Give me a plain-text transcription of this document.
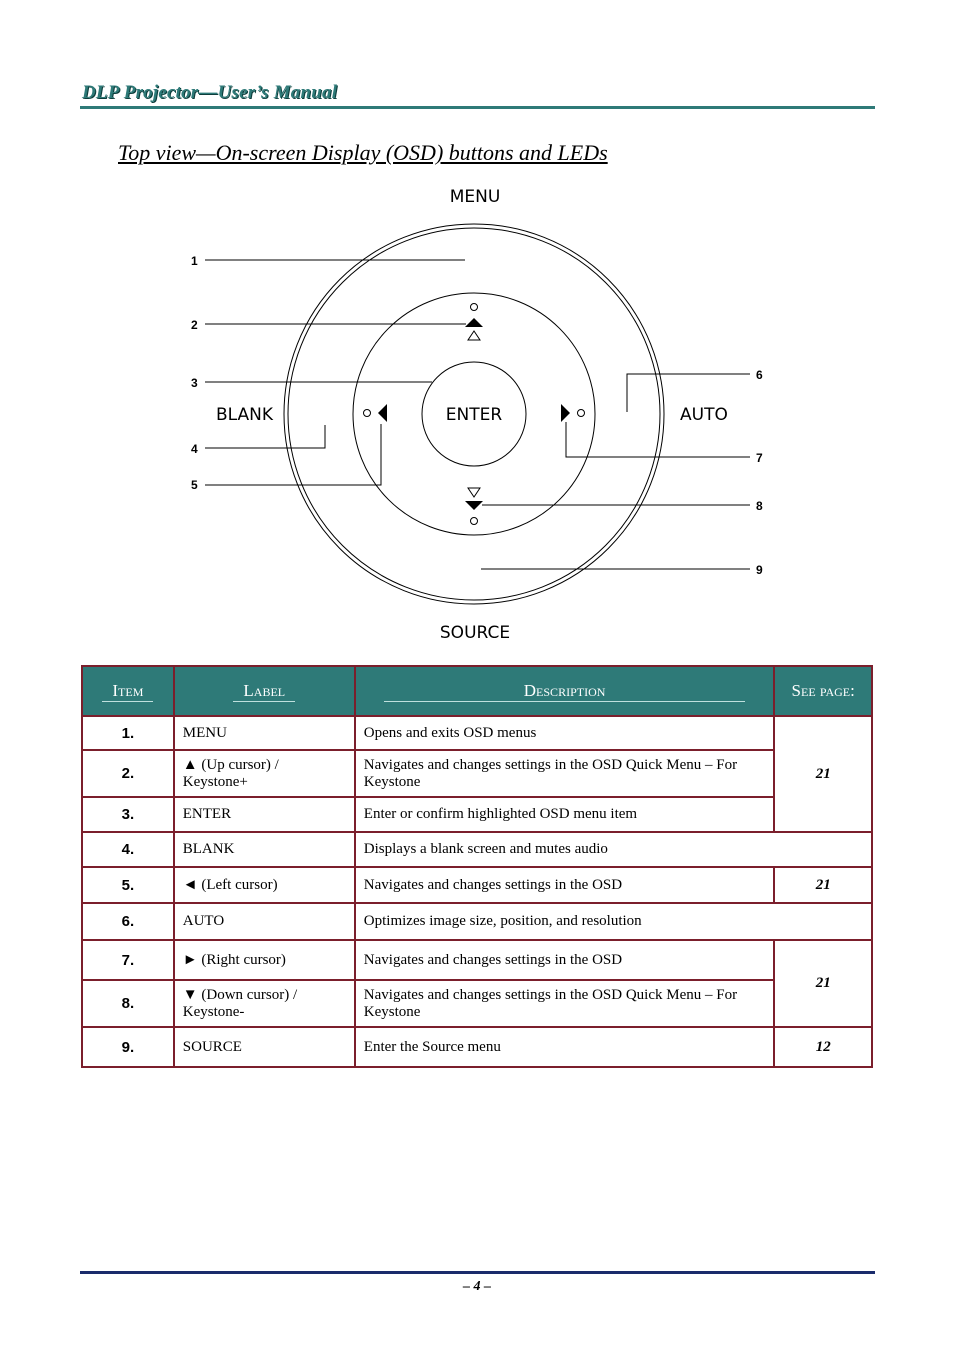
DLP Projector—User’s Manual
Top view—On-screen Display (OSD) buttons and LEDs
MENU
SOURCE
BLANK	AUTO
ENTER
1
2
3
4
5
6
7
8
9
Item	Label	Description	See page:
1.	MENU	Opens and exits OSD menus	21
2.	▲ (Up cursor) / Keystone+	Navigates and changes settings in the OSD Quick Menu – For Keystone	
3.	ENTER	Enter or confirm highlighted OSD menu item	
4.	BLANK	Displays a blank screen and mutes audio	
5.	◄ (Left cursor)	Navigates and changes settings in the OSD	21
6.	AUTO	Optimizes image size, position, and resolution	
7.	► (Right cursor)	Navigates and changes settings in the OSD	21
8.	▼ (Down cursor) / Keystone-	Navigates and changes settings in the OSD Quick Menu – For Keystone	
9.	SOURCE	Enter the Source menu	12
– 4 –
